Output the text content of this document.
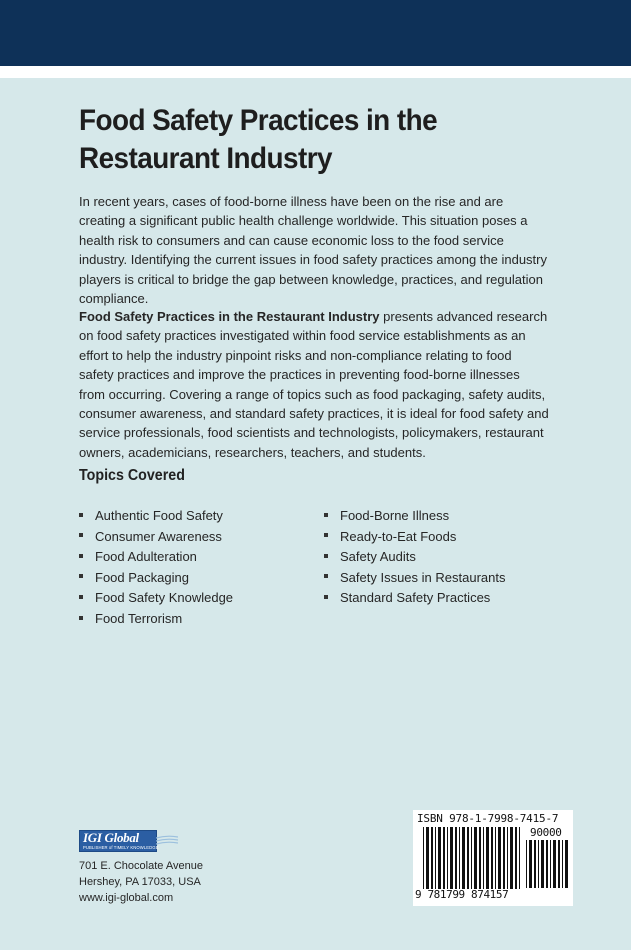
Food Safety Practices in the Restaurant Industry

In recent years, cases of food-borne illness have been on the rise and are creating a significant public health challenge worldwide. This situation poses a health risk to consumers and can cause economic loss to the food service industry. Identifying the current issues in food safety practices among the industry players is critical to bridge the gap between knowledge, practices, and regulation compliance.

Food Safety Practices in the Restaurant Industry presents advanced research on food safety practices investigated within food service establishments as an effort to help the industry pinpoint risks and non-compliance relating to food safety practices and improve the practices in preventing food-borne illnesses from occurring. Covering a range of topics such as food packaging, safety audits, consumer awareness, and standard safety practices, it is ideal for food safety and service professionals, food scientists and technologists, policymakers, restaurant owners, academicians, researchers, teachers, and students.

Topics Covered
Authentic Food Safety
Consumer Awareness
Food Adulteration
Food Packaging
Food Safety Knowledge
Food Terrorism
Food-Borne Illness
Ready-to-Eat Foods
Safety Audits
Safety Issues in Restaurants
Standard Safety Practices
IGI Global
PUBLISHER of TIMELY KNOWLEDGE
701 E. Chocolate Avenue
Hershey, PA 17033, USA
www.igi-global.com
ISBN 978-1-7998-7415-7
90000
9 781799 874157
